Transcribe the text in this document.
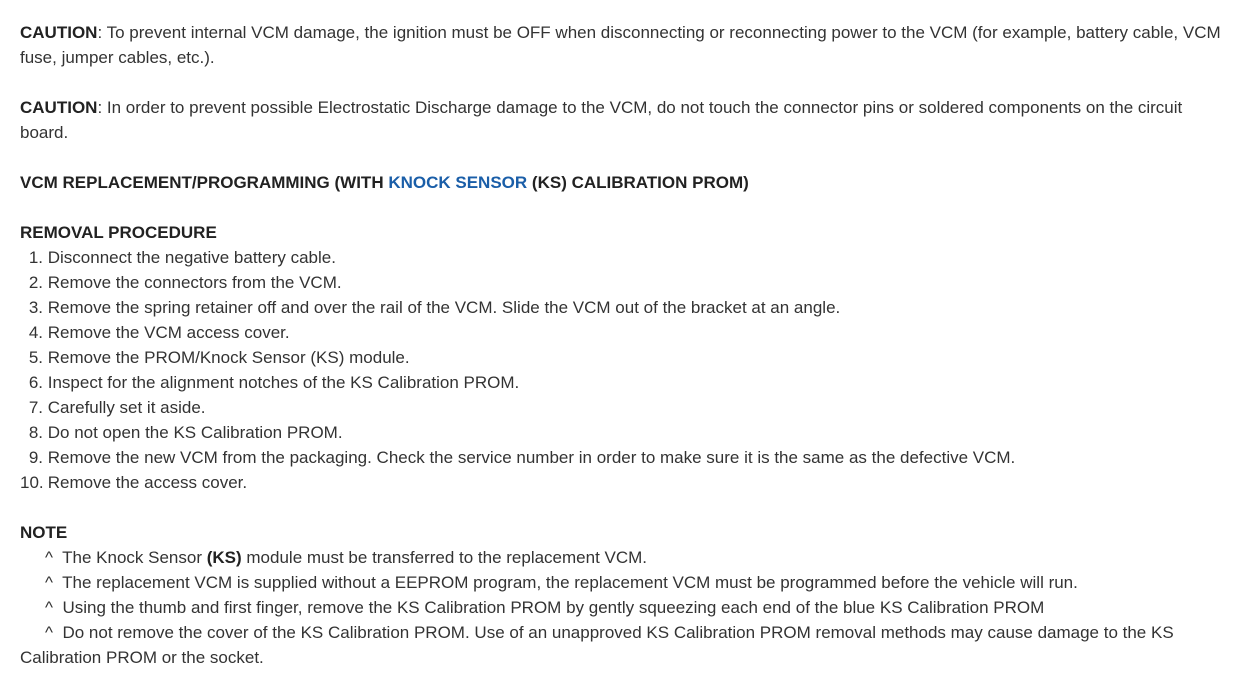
CAUTION: To prevent internal VCM damage, the ignition must be OFF when disconnecting or reconnecting power to the VCM (for example, battery cable, VCM fuse, jumper cables, etc.).

CAUTION: In order to prevent possible Electrostatic Discharge damage to the VCM, do not touch the connector pins or soldered components on the circuit board.

VCM REPLACEMENT/PROGRAMMING (WITH KNOCK SENSOR (KS) CALIBRATION PROM)

REMOVAL PROCEDURE

1. Disconnect the negative battery cable.
2. Remove the connectors from the VCM.
3. Remove the spring retainer off and over the rail of the VCM. Slide the VCM out of the bracket at an angle.
4. Remove the VCM access cover.
5. Remove the PROM/Knock Sensor (KS) module.
6. Inspect for the alignment notches of the KS Calibration PROM.
7. Carefully set it aside.
8. Do not open the KS Calibration PROM.
9. Remove the new VCM from the packaging. Check the service number in order to make sure it is the same as the defective VCM.
10. Remove the access cover.

NOTE

^ The Knock Sensor (KS) module must be transferred to the replacement VCM.
^ The replacement VCM is supplied without a EEPROM program, the replacement VCM must be programmed before the vehicle will run.
^ Using the thumb and first finger, remove the KS Calibration PROM by gently squeezing each end of the blue KS Calibration PROM
^ Do not remove the cover of the KS Calibration PROM. Use of an unapproved KS Calibration PROM removal methods may cause damage to the KS Calibration PROM or the socket.
